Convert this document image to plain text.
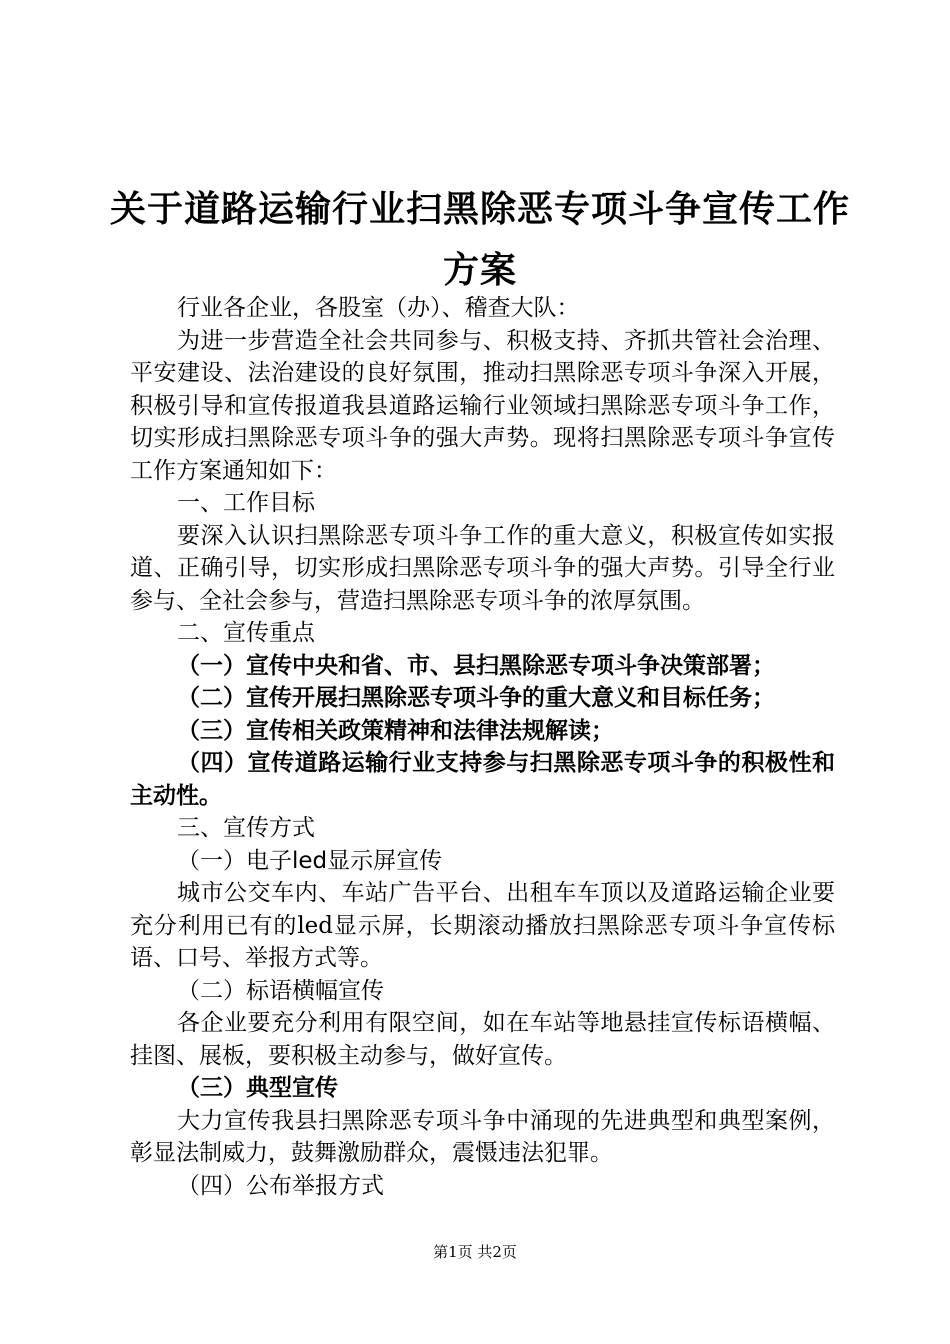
关于道路运输行业扫黑除恶专项斗争宣传工作
方案

行业各企业，各股室（办）、稽查大队：

为进一步营造全社会共同参与、积极支持、齐抓共管社会治理、平安建设、法治建设的良好氛围，推动扫黑除恶专项斗争深入开展，积极引导和宣传报道我县道路运输行业领域扫黑除恶专项斗争工作，切实形成扫黑除恶专项斗争的强大声势。现将扫黑除恶专项斗争宣传工作方案通知如下：

一、工作目标

要深入认识扫黑除恶专项斗争工作的重大意义，积极宣传如实报道、正确引导，切实形成扫黑除恶专项斗争的强大声势。引导全行业参与、全社会参与，营造扫黑除恶专项斗争的浓厚氛围。

二、宣传重点

（一）宣传中央和省、市、县扫黑除恶专项斗争决策部署；

（二）宣传开展扫黑除恶专项斗争的重大意义和目标任务；

（三）宣传相关政策精神和法律法规解读；

（四）宣传道路运输行业支持参与扫黑除恶专项斗争的积极性和主动性。

三、宣传方式

（一）电子led显示屏宣传

城市公交车内、车站广告平台、出租车车顶以及道路运输企业要充分利用已有的led显示屏，长期滚动播放扫黑除恶专项斗争宣传标语、口号、举报方式等。

（二）标语横幅宣传

各企业要充分利用有限空间，如在车站等地悬挂宣传标语横幅、挂图、展板，要积极主动参与，做好宣传。

（三）典型宣传

大力宣传我县扫黑除恶专项斗争中涌现的先进典型和典型案例，彰显法制威力，鼓舞激励群众，震慑违法犯罪。

（四）公布举报方式

第1页 共2页
